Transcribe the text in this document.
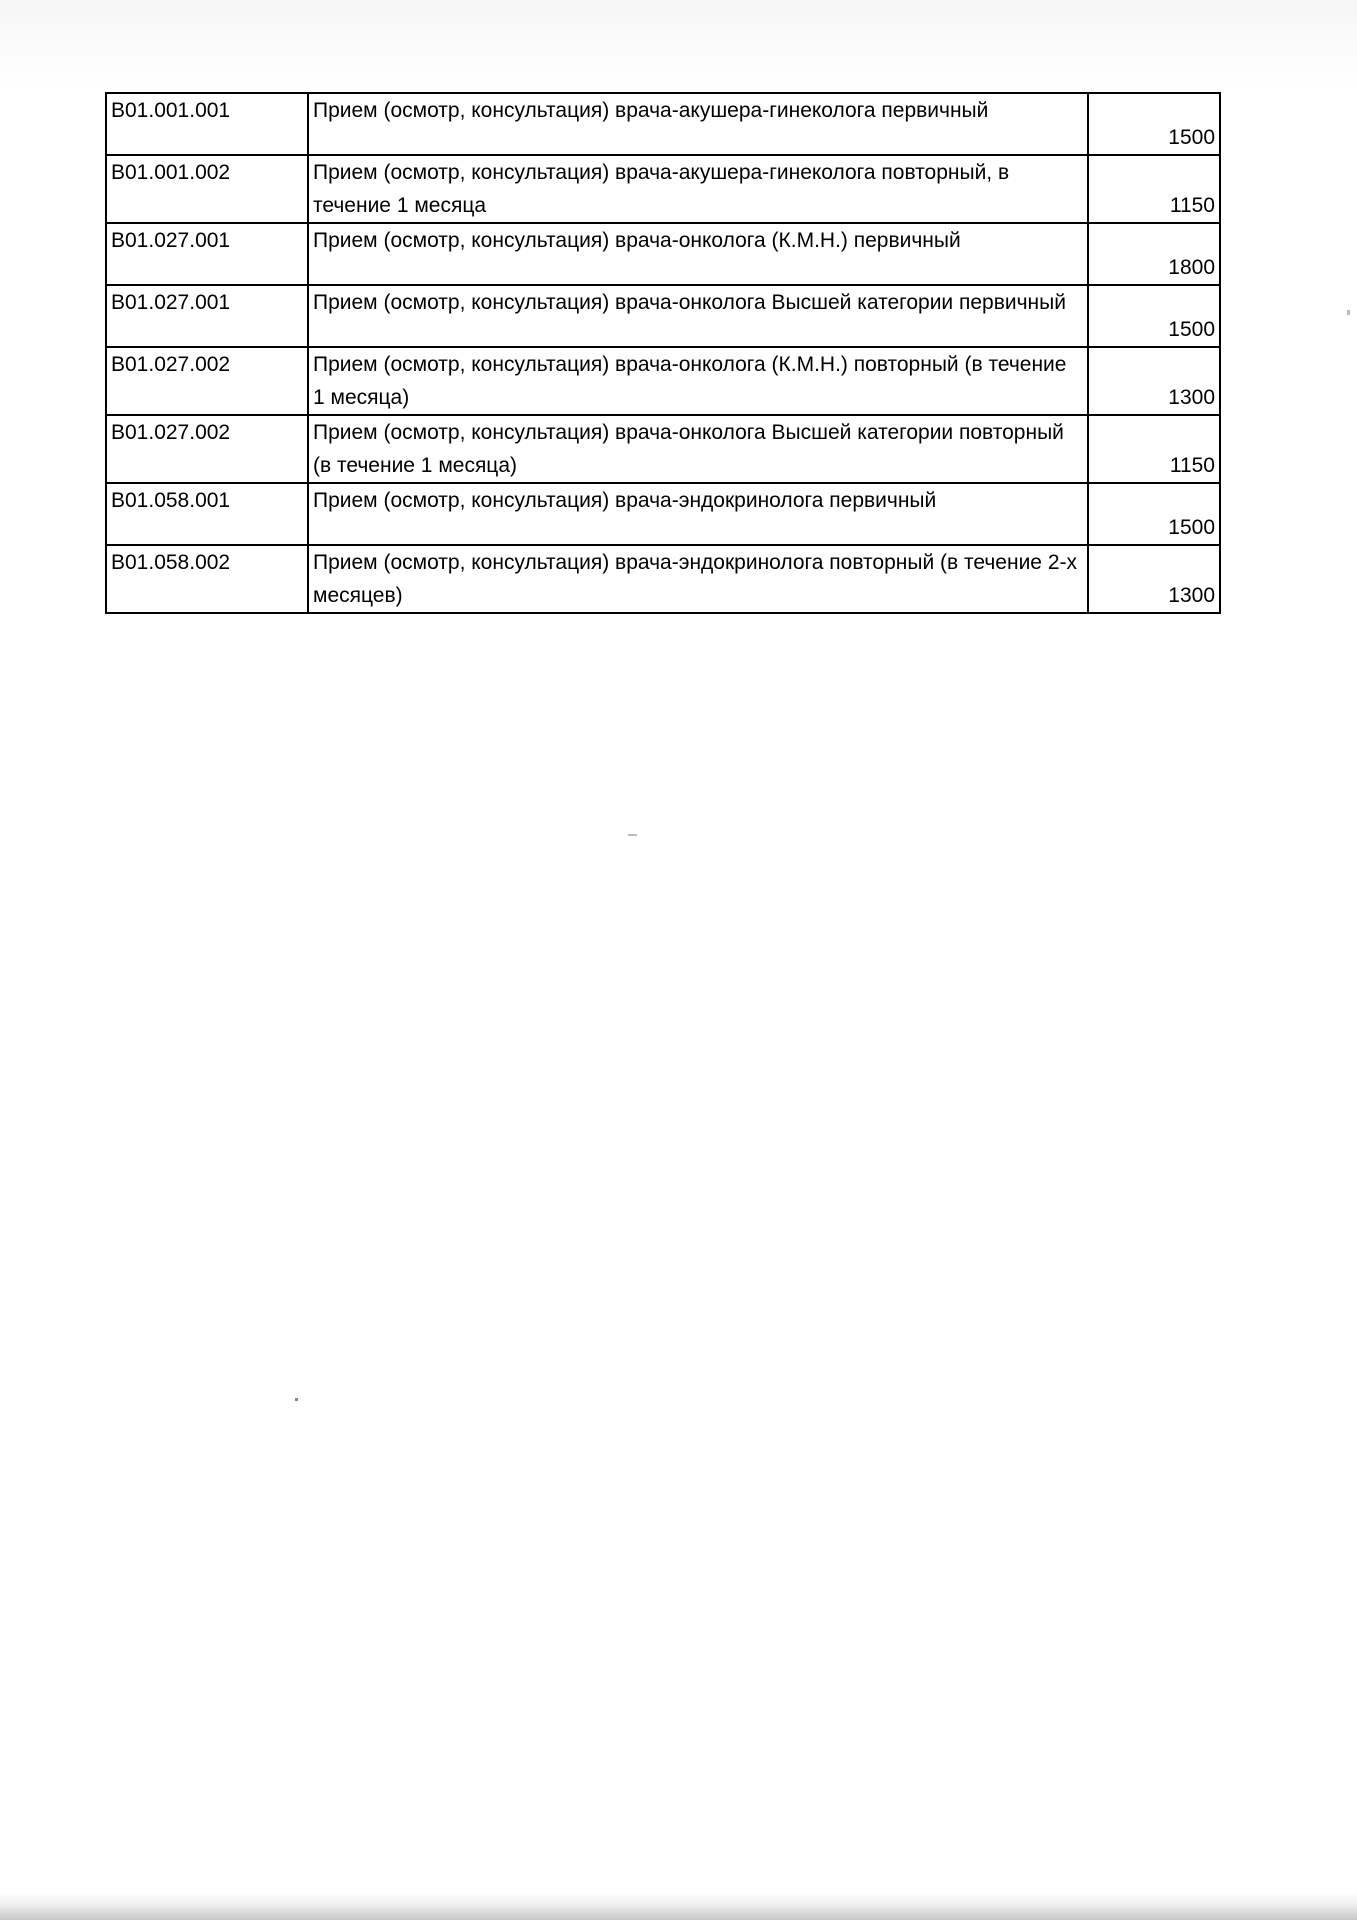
B01.001.001	Прием (осмотр, консультация) врача-акушера-гинеколога первичный	1500
B01.001.002	Прием (осмотр, консультация) врача-акушера-гинеколога повторный, в течение 1 месяца	1150
B01.027.001	Прием (осмотр, консультация) врача-онколога (К.М.Н.) первичный	1800
B01.027.001	Прием (осмотр, консультация) врача-онколога Высшей категории первичный	1500
B01.027.002	Прием (осмотр, консультация) врача-онколога (К.М.Н.) повторный (в течение 1 месяца)	1300
B01.027.002	Прием (осмотр, консультация) врача-онколога Высшей категории повторный (в течение 1 месяца)	1150
B01.058.001	Прием (осмотр, консультация) врача-эндокринолога первичный	1500
B01.058.002	Прием (осмотр, консультация) врача-эндокринолога повторный (в течение 2-х месяцев)	1300
